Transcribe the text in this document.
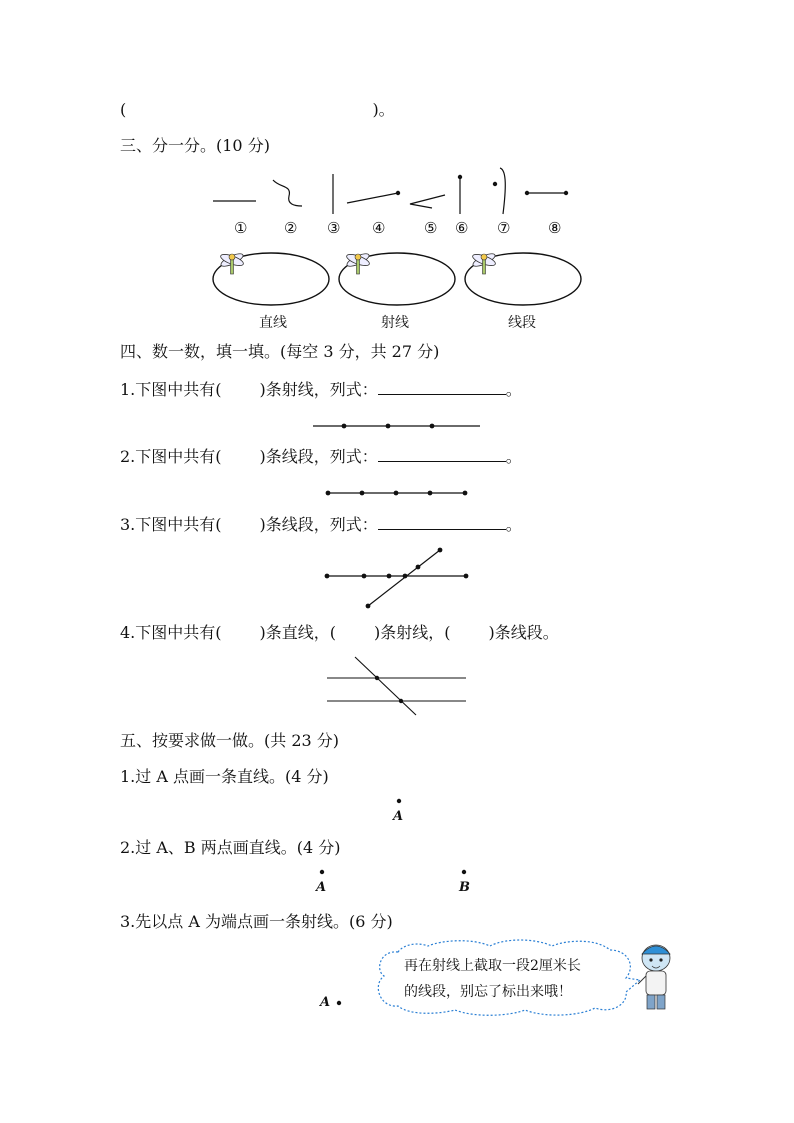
(	)。
三、分一分。(10 分)
① ② ③ ④	⑤ ⑥ ⑦	⑧
直线	射线	线段
四、数一数，填一填。(每空 3 分，共 27 分)
1.下图中共有( )条射线，列式：	。
2.下图中共有( )条线段，列式：	。
3.下图中共有( )条线段，列式：	。
4.下图中共有( )条直线，( )条射线，( )条线段。
五、按要求做一做。(共 23 分)
1.过 A 点画一条直线。(4 分)
2.过 A、B 两点画直线。(4 分)
3.先以点 A 为端点画一条射线。(6 分)
A
A	B
A
再在射线上截取一段2厘米长
的线段，别忘了标出来哦！
